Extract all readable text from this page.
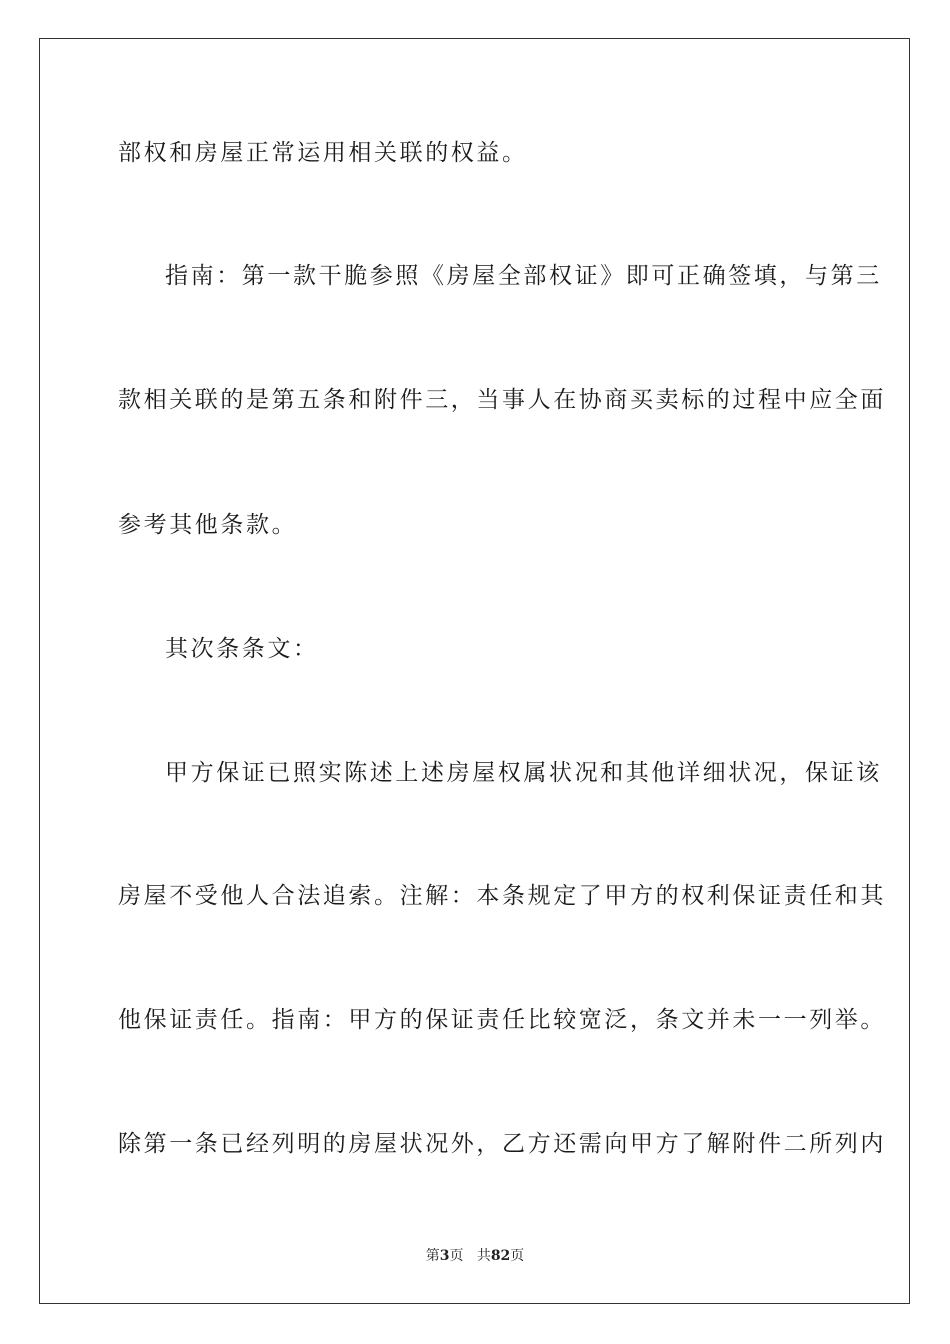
部权和房屋正常运用相关联的权益。
指南：第一款干脆参照《房屋全部权证》即可正确签填，与第三
款相关联的是第五条和附件三，当事人在协商买卖标的过程中应全面
参考其他条款。
其次条条文：
甲方保证已照实陈述上述房屋权属状况和其他详细状况，保证该
房屋不受他人合法追索。注解：本条规定了甲方的权利保证责任和其
他保证责任。指南：甲方的保证责任比较宽泛，条文并未一一列举。
除第一条已经列明的房屋状况外，乙方还需向甲方了解附件二所列内
第3页 共82页
